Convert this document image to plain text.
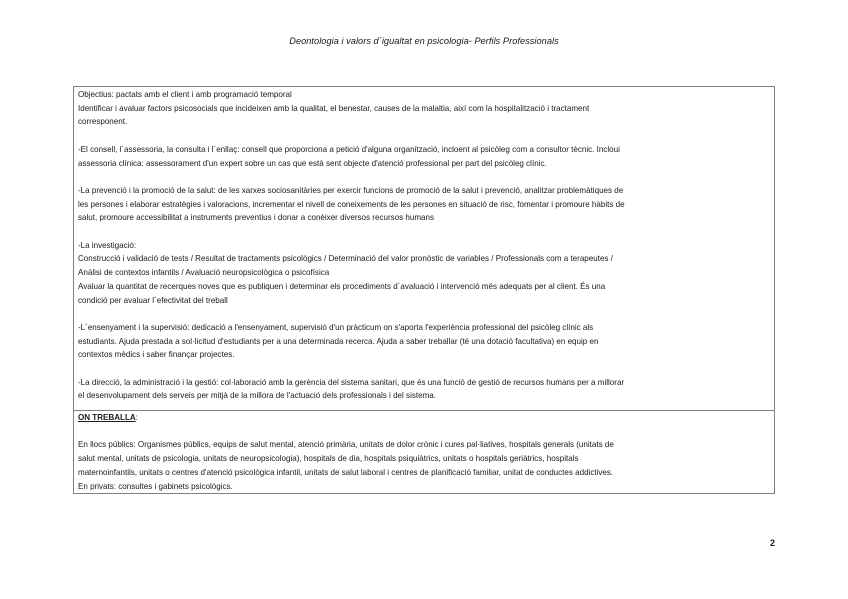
Deontologia i valors d´igualtat en psicologia- Perfils Professionals

Objectius: pactats amb el client i amb programació temporal

Identificar i avaluar factors psicosocials que incideixen amb la qualitat, el benestar, causes de la malaltia, així com la hospitalització i tractament

corresponent.

-El consell, l´assessoria, la consulta i l´enllaç: consell que proporciona a petició d'alguna organització, incloent al psicòleg com a consultor tècnic. Incloui

assessoria clínica: assessorament d'un expert sobre un cas que està sent objecte d'atenció professional per part del psicòleg clínic.

-La prevenció i la promoció de la salut: de les xarxes sociosanitàries per exercir funcions de promoció de la salut i prevenció, analitzar problemàtiques de

les persones i elaborar estratègies i valoracions, incrementar el nivell de coneixements de les persones en situació de risc, fomentar i promoure hàbits de

salut, promoure accessibilitat a instruments preventius i donar a conèixer diversos recursos humans

-La investigació:

Construcció i validació de tests / Resultat de tractaments psicològics / Determinació del valor pronòstic de variables / Professionals com a terapeutes /

Anàlisi de contextos infantils / Avaluació neuropsicològica o psicofísica

Avaluar la quantitat de recerques noves que es publiquen i determinar els procediments d´avaluació i intervenció més adequats per al client. És una

condició per avaluar l´efectivitat del treball

-L´ensenyament i la supervisió: dedicació a l'ensenyament, supervisió d'un pràcticum on s'aporta l'experiència professional del psicòleg clínic als

estudiants. Ajuda prestada a sol·licitud d'estudiants per a una determinada recerca. Ajuda a saber treballar (té una dotació facultativa) en equip en

contextos mèdics i saber finançar projectes.

-La direcció, la administració i la gestió: col·laboració amb la gerència del sistema sanitari, que és una funció de gestió de recursos humans per a millorar

el desenvolupament dels serveis per mitjà de la millora de l'actuació dels professionals i del sistema.

ON TREBALLA:

En llocs públics: Organismes públics, equips de salut mental, atenció primària, unitats de dolor crònic i cures pal·liatives, hospitals generals (unitats de

salut mental, unitats de psicologia, unitats de neuropsicologia), hospitals de dia, hospitals psiquiàtrics, unitats o hospitals geriàtrics, hospitals

maternoinfantils, unitats o centres d'atenció psicològica infantil, unitats de salut laboral i centres de planificació familiar, unitat de conductes addictives.

En privats: consultes i gabinets psicològics.

2
